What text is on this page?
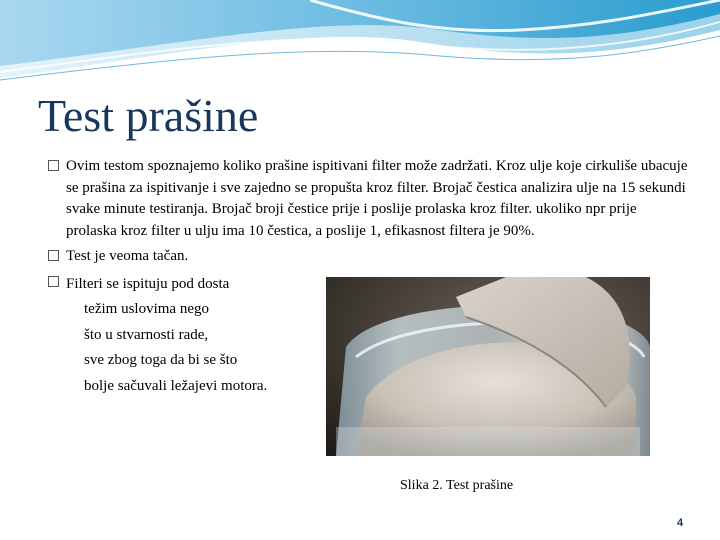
Test prašine
Ovim testom spoznajemo koliko prašine ispitivani filter može zadržati. Kroz ulje koje cirkuliše ubacuje se prašina za ispitivanje i sve zajedno se propušta kroz filter. Brojač čestica analizira ulje na 15 sekundi svake minute testiranja. Brojač broji čestice prije i poslije prolaska kroz filter. ukoliko npr prije prolaska kroz filter u ulju ima 10 čestica, a poslije 1, efikasnost filtera je 90%.
Test je veoma tačan.
Filteri se ispituju pod dosta
težim uslovima nego
što u stvarnosti rade,
sve zbog toga da bi se što
bolje sačuvali ležajevi motora.
Slika 2. Test prašine
4
